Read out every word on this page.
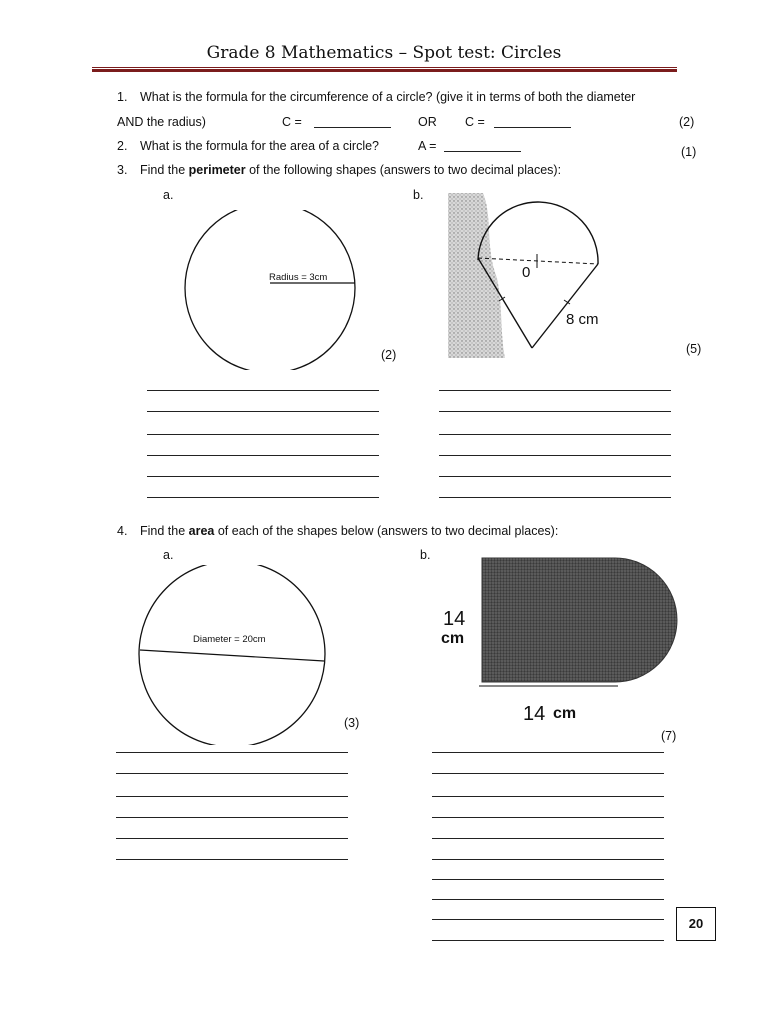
Grade 8 Mathematics – Spot test: Circles
1. What is the formula for the circumference of a circle? (give it in terms of both the diameter
AND the radius)	C =	OR C =	(2)
2. What is the formula for the area of a circle?	A =	(1)
3. Find the perimeter of the following shapes (answers to two decimal places):
a.	b.
Radius = 3cm
(2)
0
8 cm
(5)
4. Find the area of each of the shapes below (answers to two decimal places):
a.	b.
Diameter = 20cm
(3)
14
cm
14 cm
(7)
20
